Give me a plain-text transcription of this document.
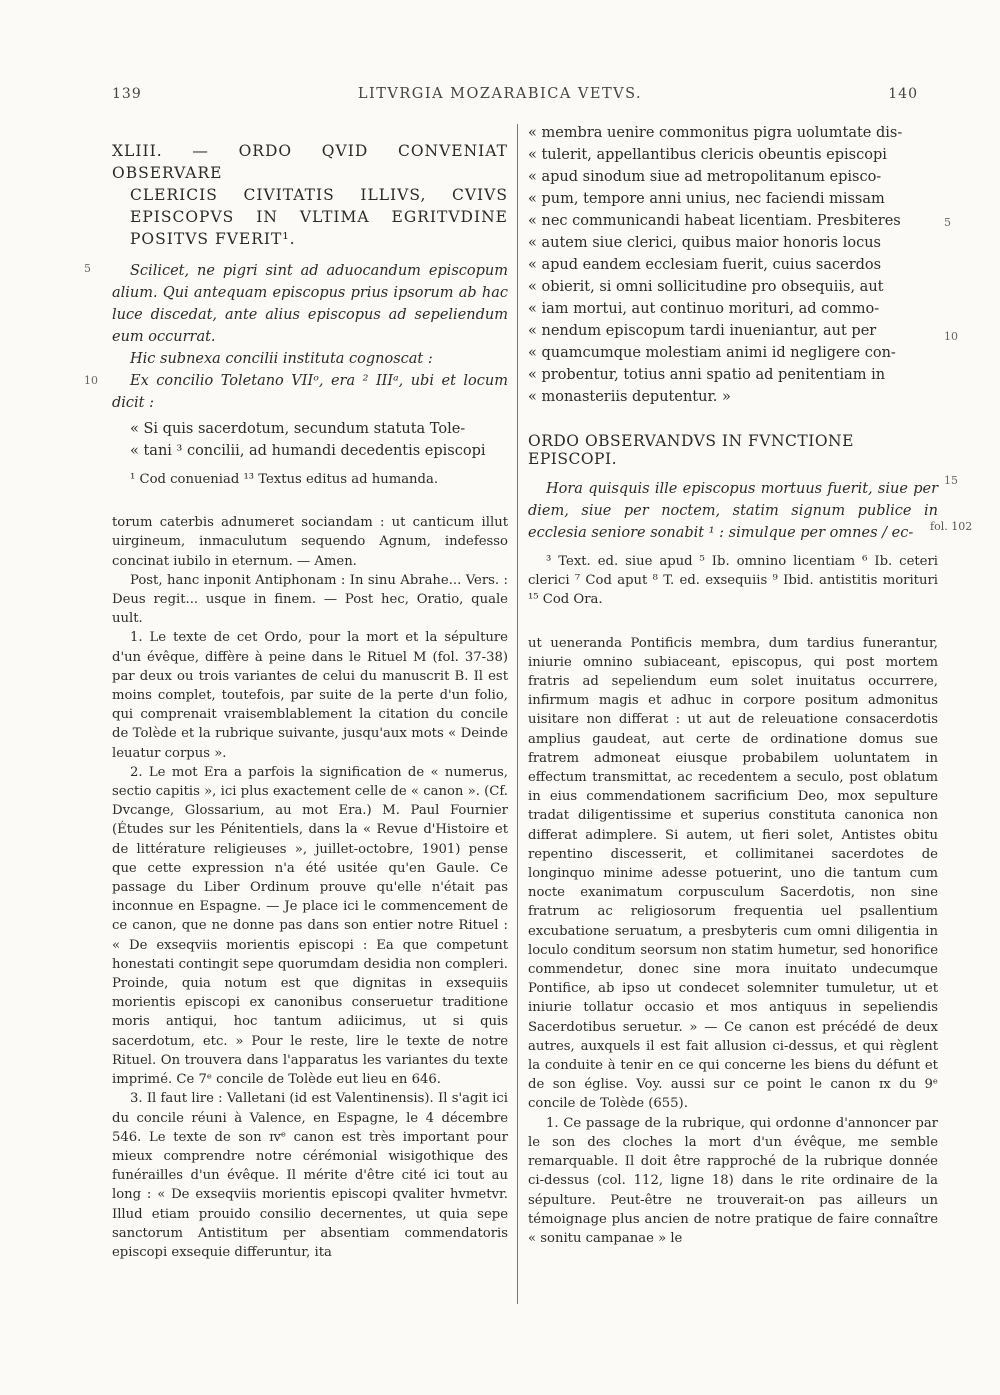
139	LITVRGIA MOZARABICA VETVS.	140
5
10
5
10
15
fol. 102
XLIII. — ORDO QVID CONVENIAT OBSERVARE
CLERICIS CIVITATIS ILLIVS, CVIVS EPISCOPVS IN VLTIMA EGRITVDINE POSITVS FVERIT¹.

Scilicet, ne pigri sint ad aduocandum episcopum alium. Qui antequam episcopus prius ipsorum ab hac luce discedat, ante alius episcopus ad sepeliendum eum occurrat.

Hic subnexa concilii instituta cognoscat :

Ex concilio Toletano VIIᵒ, era ² IIIᵃ, ubi et locum dicit :

« Si quis sacerdotum, secundum statuta Tole-

« tani ³ concilii, ad humandi decedentis episcopi

¹ Cod conueniad ¹³ Textus editus ad humanda.

torum caterbis adnumeret sociandam : ut canticum illut uirgineum, inmaculutum sequendo Agnum, indefesso concinat iubilo in eternum. — Amen.

Post, hanc inponit Antiphonam : In sinu Abrahe... Vers. : Deus regit... usque in finem. — Post hec, Oratio, quale uult.

1. Le texte de cet Ordo, pour la mort et la sépulture d'un évêque, diffère à peine dans le Rituel M (fol. 37-38) par deux ou trois variantes de celui du manuscrit B. Il est moins complet, toutefois, par suite de la perte d'un folio, qui comprenait vraisemblablement la citation du concile de Tolède et la rubrique suivante, jusqu'aux mots « Deinde leuatur corpus ».

2. Le mot Era a parfois la signification de « numerus, sectio capitis », ici plus exactement celle de « canon ». (Cf. Dvcange, Glossarium, au mot Era.) M. Paul Fournier (Études sur les Pénitentiels, dans la « Revue d'Histoire et de littérature religieuses », juillet-octobre, 1901) pense que cette expression n'a été usitée qu'en Gaule. Ce passage du Liber Ordinum prouve qu'elle n'était pas inconnue en Espagne. — Je place ici le commencement de ce canon, que ne donne pas dans son entier notre Rituel : « De exseqviis morientis episcopi : Ea que competunt honestati contingit sepe quorumdam desidia non compleri. Proinde, quia notum est que dignitas in exsequiis morientis episcopi ex canonibus conseruetur traditione moris antiqui, hoc tantum adiicimus, ut si quis sacerdotum, etc. » Pour le reste, lire le texte de notre Rituel. On trouvera dans l'apparatus les variantes du texte imprimé. Ce 7ᵉ concile de Tolède eut lieu en 646.

3. Il faut lire : Valletani (id est Valentinensis). Il s'agit ici du concile réuni à Valence, en Espagne, le 4 décembre 546. Le texte de son ɪᴠᵉ canon est très important pour mieux comprendre notre cérémonial wisigothique des funérailles d'un évêque. Il mérite d'être cité ici tout au long : « De exseqviis morientis episcopi qvaliter hvmetvr. Illud etiam prouido consilio decernentes, ut quia sepe sanctorum Antistitum per absentiam commendatoris episcopi exsequie differuntur, ita

« membra uenire commonitus pigra uolumtate dis-

« tulerit, appellantibus clericis obeuntis episcopi

« apud sinodum siue ad metropolitanum episco-

« pum, tempore anni unius, nec faciendi missam

« nec communicandi habeat licentiam. Presbiteres

« autem siue clerici, quibus maior honoris locus

« apud eandem ecclesiam fuerit, cuius sacerdos

« obierit, si omni sollicitudine pro obsequiis, aut

« iam mortui, aut continuo morituri, ad commo-

« nendum episcopum tardi inueniantur, aut per

« quamcumque molestiam animi id negligere con-

« probentur, totius anni spatio ad penitentiam in

« monasteriis deputentur. »

ORDO OBSERVANDVS IN FVNCTIONE EPISCOPI.

Hora quisquis ille episcopus mortuus fuerit, siue per diem, siue per noctem, statim signum publice in ecclesia seniore sonabit ¹ : simulque per omnes / ec-

³ Text. ed. siue apud ⁵ Ib. omnino licentiam ⁶ Ib. ceteri clerici ⁷ Cod aput ⁸ T. ed. exsequiis ⁹ Ibid. antistitis morituri ¹⁵ Cod Ora.

ut ueneranda Pontificis membra, dum tardius funerantur, iniurie omnino subiaceant, episcopus, qui post mortem fratris ad sepeliendum eum solet inuitatus occurrere, infirmum magis et adhuc in corpore positum admonitus uisitare non differat : ut aut de releuatione consacerdotis amplius gaudeat, aut certe de ordinatione domus sue fratrem admoneat eiusque probabilem uoluntatem in effectum transmittat, ac recedentem a seculo, post oblatum in eius commendationem sacrificium Deo, mox sepulture tradat diligentissime et superius constituta canonica non differat adimplere. Si autem, ut fieri solet, Antistes obitu repentino discesserit, et collimitanei sacerdotes de longinquo minime adesse potuerint, uno die tantum cum nocte exanimatum corpusculum Sacerdotis, non sine fratrum ac religiosorum frequentia uel psallentium excubatione seruatum, a presbyteris cum omni diligentia in loculo conditum seorsum non statim humetur, sed honorifice commendetur, donec sine mora inuitato undecumque Pontifice, ab ipso ut condecet solemniter tumuletur, ut et iniurie tollatur occasio et mos antiquus in sepeliendis Sacerdotibus seruetur. » — Ce canon est précédé de deux autres, auxquels il est fait allusion ci-dessus, et qui règlent la conduite à tenir en ce qui concerne les biens du défunt et de son église. Voy. aussi sur ce point le canon ɪx du 9ᵉ concile de Tolède (655).

1. Ce passage de la rubrique, qui ordonne d'annoncer par le son des cloches la mort d'un évêque, me semble remarquable. Il doit être rapproché de la rubrique donnée ci-dessus (col. 112, ligne 18) dans le rite ordinaire de la sépulture. Peut-être ne trouverait-on pas ailleurs un témoignage plus ancien de notre pratique de faire connaître « sonitu campanae » le
